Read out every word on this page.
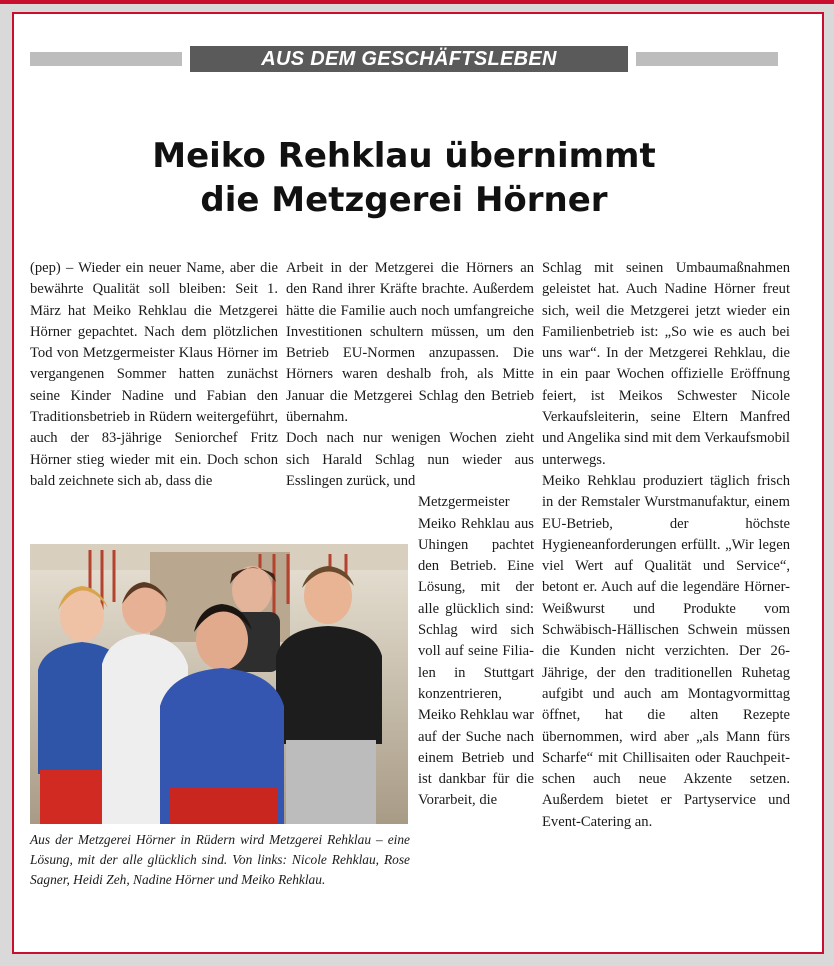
AUS DEM GESCHÄFTSLEBEN
Meiko Rehklau übernimmt
die Metzgerei Hörner

(pep) – Wieder ein neuer Name, aber die bewährte Qualität soll bleiben: Seit 1. März hat Meiko Rehklau die Metzgerei Hörner gepachtet. Nach dem plötzlichen Tod von Metzgermeister Klaus Hörner im vergangenen Sommer hatten zunächst seine Kinder Nadine und Fabian den Traditionsbetrieb in Rüdern weitergeführt, auch der 83-jährige Seniorchef Fritz Hörner stieg wieder mit ein. Doch schon bald zeichnete sich ab, dass die

Arbeit in der Metzgerei die Hörners an den Rand ihrer Kräfte brachte. Außerdem hätte die Familie auch noch umfangreiche Investitionen schultern müssen, um den Betrieb EU-Normen anzupassen. Die Hörners waren deshalb froh, als Mitte Januar die Metzgerei Schlag den Betrieb übernahm.

Doch nach nur wenigen Wochen zieht sich Harald Schlag nun wieder aus Esslingen zurück, und

Metzgermeister Meiko Rehklau aus Uhingen pachtet den Betrieb. Eine Lösung, mit der alle glücklich sind: Schlag wird sich voll auf seine Filialen in Stuttgart konzentrieren, Meiko Rehklau war auf der Suche nach einem Betrieb und ist dankbar für die Vorarbeit, die

Schlag mit seinen Umbaumaßnahmen geleistet hat. Auch Nadine Hörner freut sich, weil die Metzgerei jetzt wieder ein Familienbetrieb ist: „So wie es auch bei uns war“. In der Metzgerei Rehklau, die in ein paar Wochen offizielle Eröffnung feiert, ist Meikos Schwester Nicole Verkaufsleiterin, seine Eltern Manfred und Angelika sind mit dem Verkaufsmobil unterwegs.

Meiko Rehklau produziert täglich frisch in der Remstaler Wurstmanufaktur, einem EU-Betrieb, der höchste Hygieneanforderungen erfüllt. „Wir legen viel Wert auf Qualität und Service“, betont er. Auch auf die legendäre Hörner-Weißwurst und Produkte vom Schwäbisch-Hällischen Schwein müssen die Kunden nicht verzichten. Der 26-Jährige, der den traditionellen Ruhetag aufgibt und auch am Montagvormittag öffnet, hat die alten Rezepte übernommen, wird aber „als Mann fürs Scharfe“ mit Chillisaiten oder Rauchpeitschen auch neue Akzente setzen. Außerdem bietet er Partyservice und Event-Catering an.

Aus der Metzgerei Hörner in Rüdern wird Metzgerei Rehklau – eine Lösung, mit der alle glücklich sind. Von links: Nicole Rehklau, Rose Sagner, Heidi Zeh, Nadine Hörner und Meiko Rehklau.
